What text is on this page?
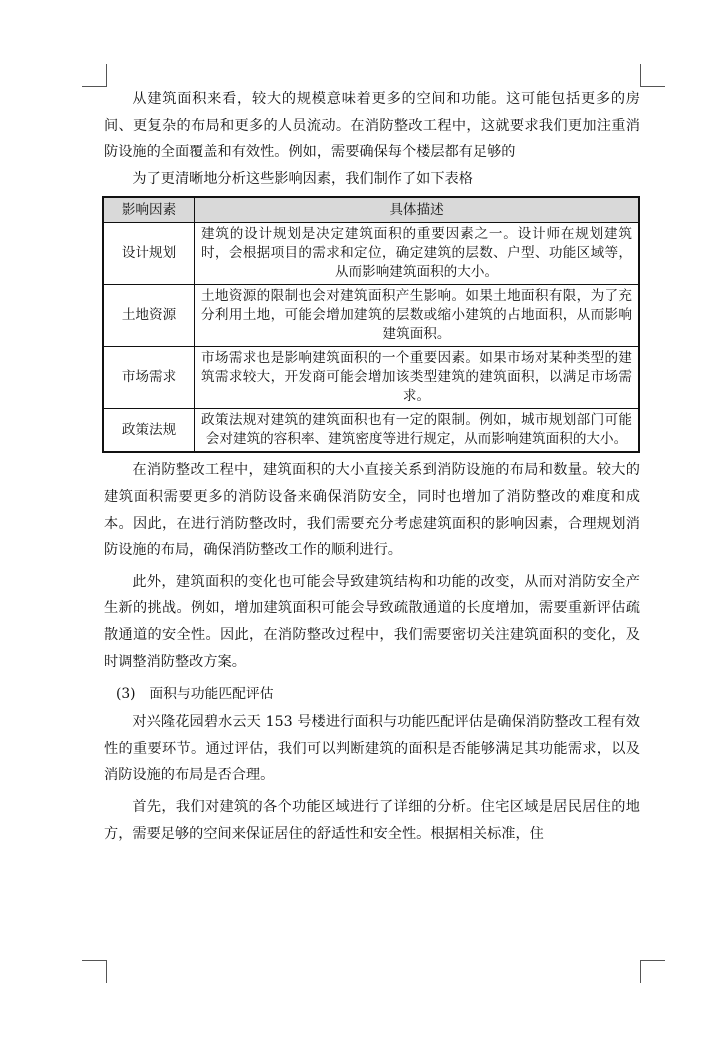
从建筑面积来看，较大的规模意味着更多的空间和功能。这可能包括更多的房间、更复杂的布局和更多的人员流动。在消防整改工程中，这就要求我们更加注重消防设施的全面覆盖和有效性。例如，需要确保每个楼层都有足够的

为了更清晰地分析这些影响因素，我们制作了如下表格

影响因素	具体描述
设计规划	建筑的设计规划是决定建筑面积的重要因素之一。设计师在规划建筑时，会根据项目的需求和定位，确定建筑的层数、户型、功能区域等，从而影响建筑面积的大小。

土地资源	土地资源的限制也会对建筑面积产生影响。如果土地面积有限，为了充分利用土地，可能会增加建筑的层数或缩小建筑的占地面积，从而影响建筑面积。

市场需求	市场需求也是影响建筑面积的一个重要因素。如果市场对某种类型的建筑需求较大，开发商可能会增加该类型建筑的建筑面积，以满足市场需求。

政策法规	政策法规对建筑的建筑面积也有一定的限制。例如，城市规划部门可能会对建筑的容积率、建筑密度等进行规定，从而影响建筑面积的大小。

在消防整改工程中，建筑面积的大小直接关系到消防设施的布局和数量。较大的建筑面积需要更多的消防设备来确保消防安全，同时也增加了消防整改的难度和成本。因此，在进行消防整改时，我们需要充分考虑建筑面积的影响因素，合理规划消防设施的布局，确保消防整改工作的顺利进行。

此外，建筑面积的变化也可能会导致建筑结构和功能的改变，从而对消防安全产生新的挑战。例如，增加建筑面积可能会导致疏散通道的长度增加，需要重新评估疏散通道的安全性。因此，在消防整改过程中，我们需要密切关注建筑面积的变化，及时调整消防整改方案。

(3)　面积与功能匹配评估

对兴隆花园碧水云天 153 号楼进行面积与功能匹配评估是确保消防整改工程有效性的重要环节。通过评估，我们可以判断建筑的面积是否能够满足其功能需求，以及消防设施的布局是否合理。

首先，我们对建筑的各个功能区域进行了详细的分析。住宅区域是居民居住的地方，需要足够的空间来保证居住的舒适性和安全性。根据相关标准，住
